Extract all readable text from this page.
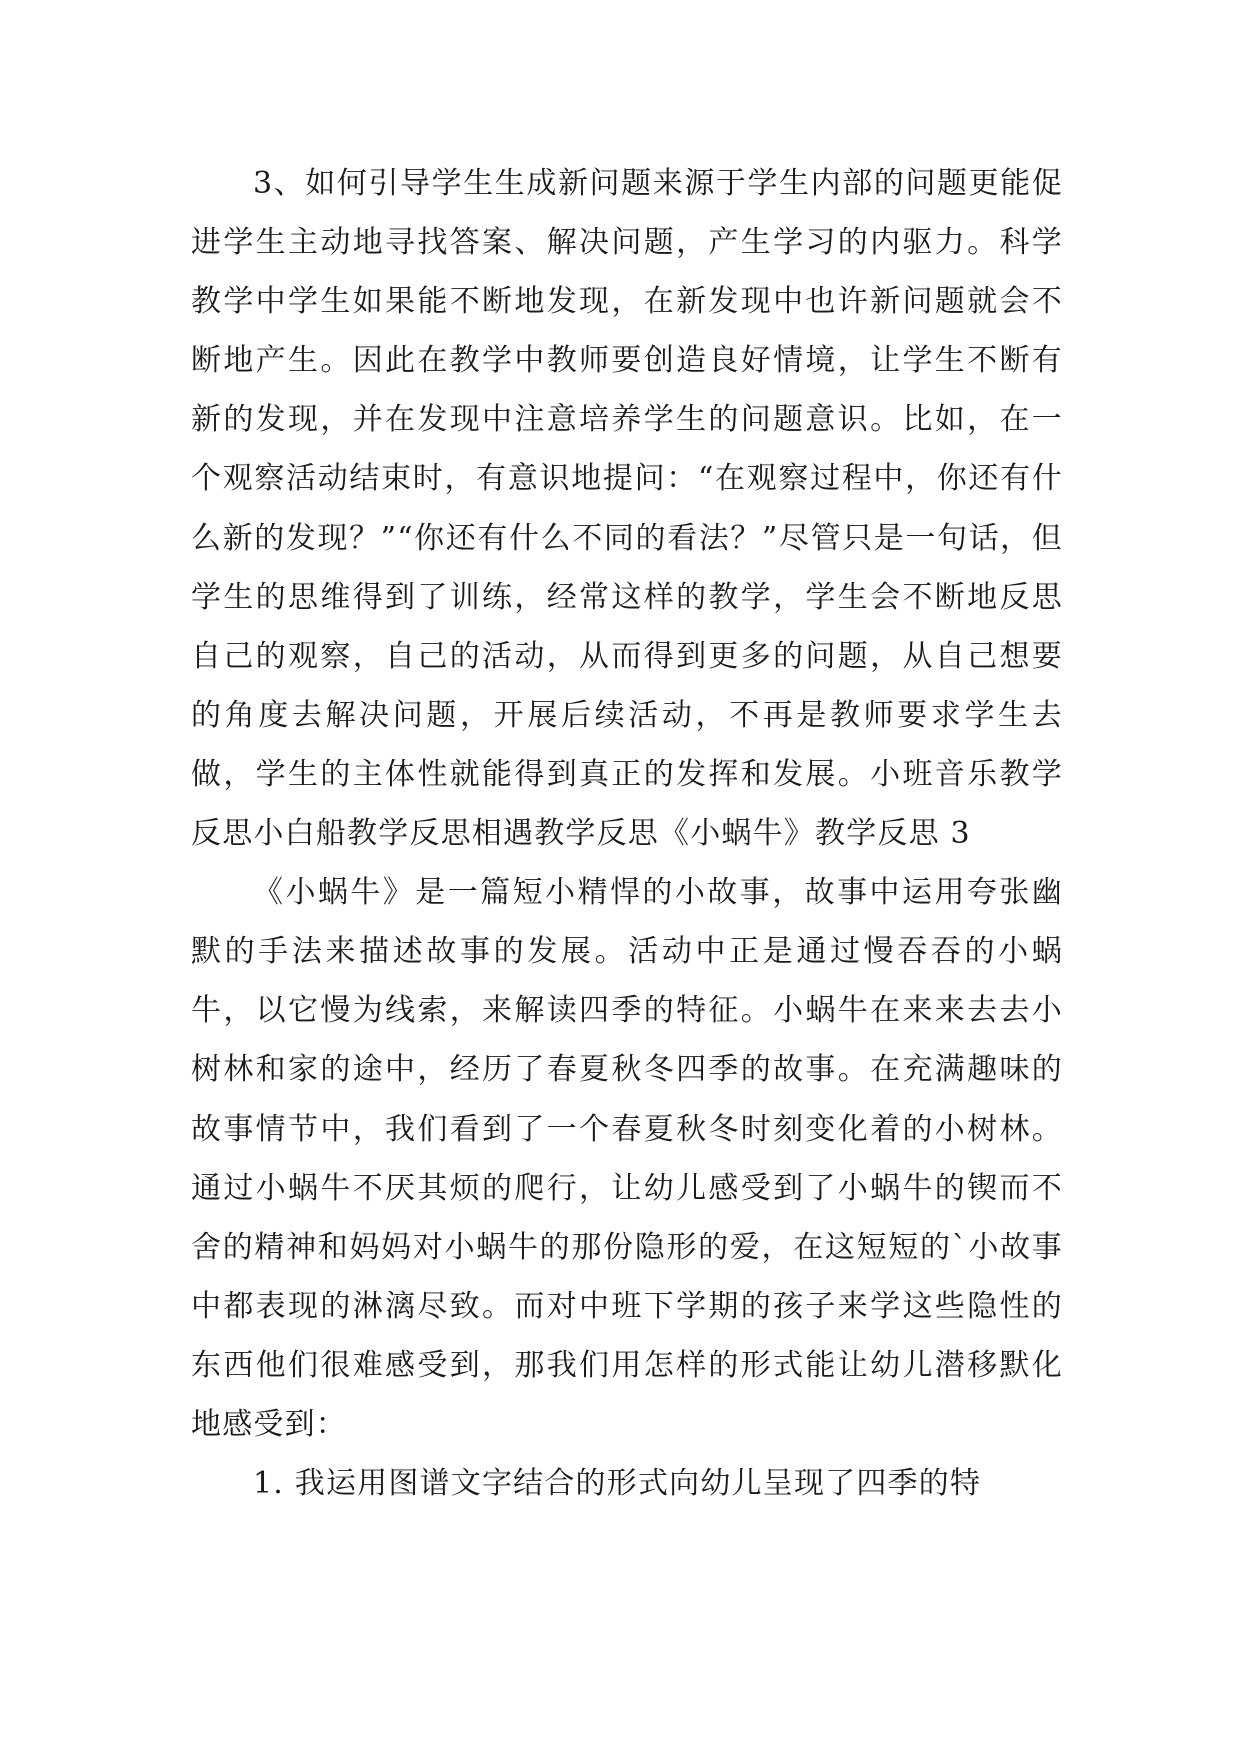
3、如何引导学生生成新问题来源于学生内部的问题更能促进学生主动地寻找答案、解决问题，产生学习的内驱力。科学教学中学生如果能不断地发现，在新发现中也许新问题就会不断地产生。因此在教学中教师要创造良好情境，让学生不断有新的发现，并在发现中注意培养学生的问题意识。比如，在一个观察活动结束时，有意识地提问：“在观察过程中，你还有什么新的发现？”“你还有什么不同的看法？”尽管只是一句话，但学生的思维得到了训练，经常这样的教学，学生会不断地反思自己的观察，自己的活动，从而得到更多的问题，从自己想要的角度去解决问题，开展后续活动，不再是教师要求学生去做，学生的主体性就能得到真正的发挥和发展。小班音乐教学反思小白船教学反思相遇教学反思《小蜗牛》教学反思 3

《小蜗牛》是一篇短小精悍的小故事，故事中运用夸张幽默的手法来描述故事的发展。活动中正是通过慢吞吞的小蜗牛，以它慢为线索，来解读四季的特征。小蜗牛在来来去去小树林和家的途中，经历了春夏秋冬四季的故事。在充满趣味的故事情节中，我们看到了一个春夏秋冬时刻变化着的小树林。通过小蜗牛不厌其烦的爬行，让幼儿感受到了小蜗牛的锲而不舍的精神和妈妈对小蜗牛的那份隐形的爱，在这短短的`小故事中都表现的淋漓尽致。而对中班下学期的孩子来学这些隐性的东西他们很难感受到，那我们用怎样的形式能让幼儿潜移默化地感受到：

1. 我运用图谱文字结合的形式向幼儿呈现了四季的特
